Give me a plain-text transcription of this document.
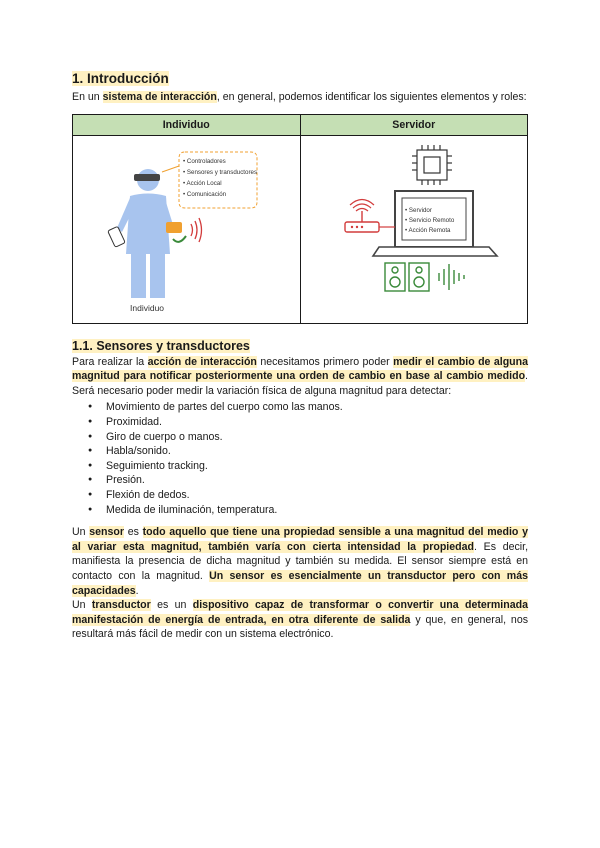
1. Introducción

En un sistema de interacción, en general, podemos identificar los siguientes elementos y roles:

Individuo	Servidor

• Controladores
• Sensores y transductores
• Acción Local
• Comunicación
Individuo	• Servidor
• Servicio Remoto
• Acción Remota
1.1. Sensores y transductores

Para realizar la acción de interacción necesitamos primero poder medir el cambio de alguna magnitud para notificar posteriormente una orden de cambio en base al cambio medido. Será necesario poder medir la variación física de alguna magnitud para detectar:

● Movimiento de partes del cuerpo como las manos.
● Proximidad.
● Giro de cuerpo o manos.
● Habla/sonido.
● Seguimiento tracking.
● Presión.
● Flexión de dedos.
● Medida de iluminación, temperatura.

Un sensor es todo aquello que tiene una propiedad sensible a una magnitud del medio y al variar esta magnitud, también varía con cierta intensidad la propiedad. Es decir, manifiesta la presencia de dicha magnitud y también su medida. El sensor siempre está en contacto con la magnitud. Un sensor es esencialmente un transductor pero con más capacidades.

Un transductor es un dispositivo capaz de transformar o convertir una determinada manifestación de energía de entrada, en otra diferente de salida y que, en general, nos resultará más fácil de medir con un sistema electrónico.
